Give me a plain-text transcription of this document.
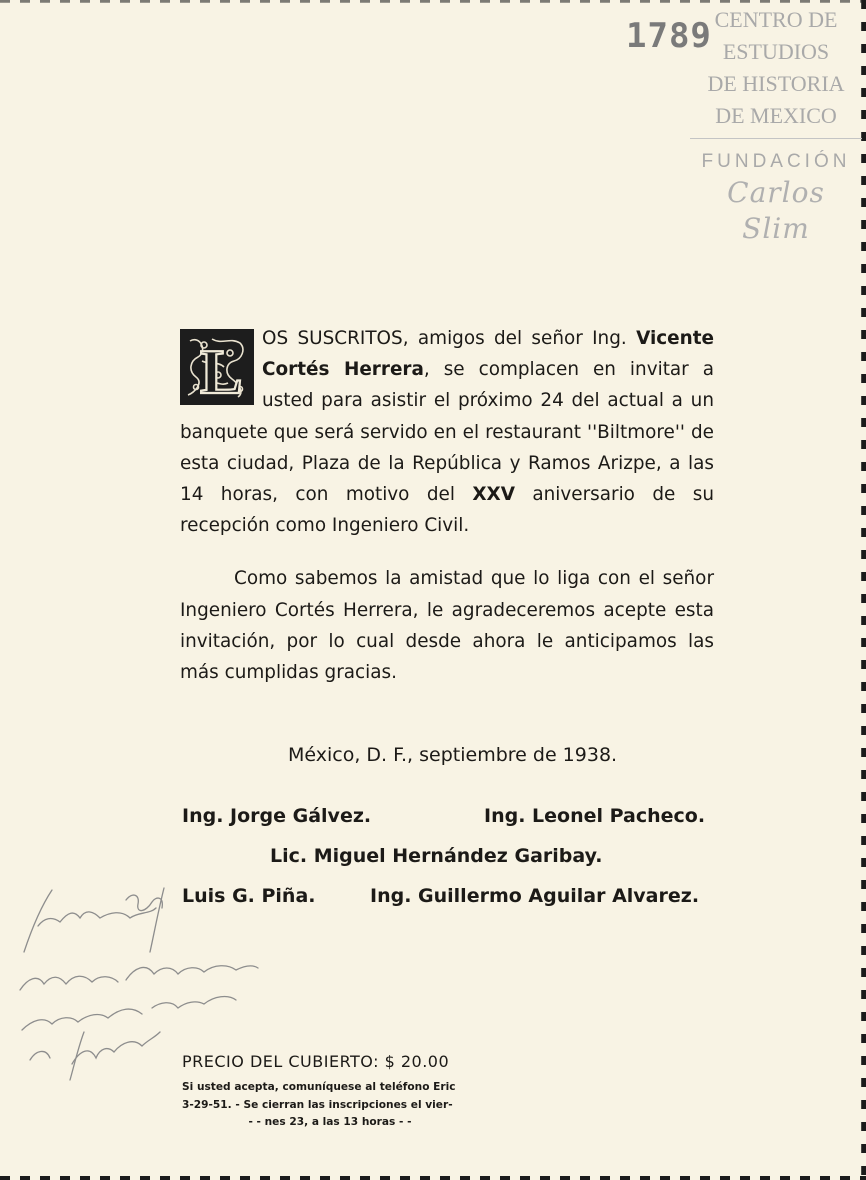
1789 CENTRO DE
ESTUDIOS
DE HISTORIA
DE MEXICO
FUNDACIÓN
Carlos Slim

L OS SUSCRITOS, amigos del señor Ing. Vicente Cortés Herrera, se complacen en invitar a usted para asistir el próximo 24 del actual a un banquete que será servido en el restaurant ''Biltmore'' de esta ciudad, Plaza de la República y Ramos Arizpe, a las 14 horas, con motivo del XXV aniversario de su recepción como Ingeniero Civil.

Como sabemos la amistad que lo liga con el señor Ingeniero Cortés Herrera, le agradeceremos acepte esta invitación, por lo cual desde ahora le anticipamos las más cumplidas gracias.

México, D. F., septiembre de 1938.
Ing. Jorge Gálvez.	Ing. Leonel Pacheco.
Lic. Miguel Hernández Garibay.
Luis G. Piña.	Ing. Guillermo Aguilar Alvarez.
PRECIO DEL CUBIERTO: $ 20.00
Si usted acepta, comuníquese al teléfono Eric
3-29-51. - Se cierran las inscripciones el vier-
- - nes 23, a las 13 horas - -
